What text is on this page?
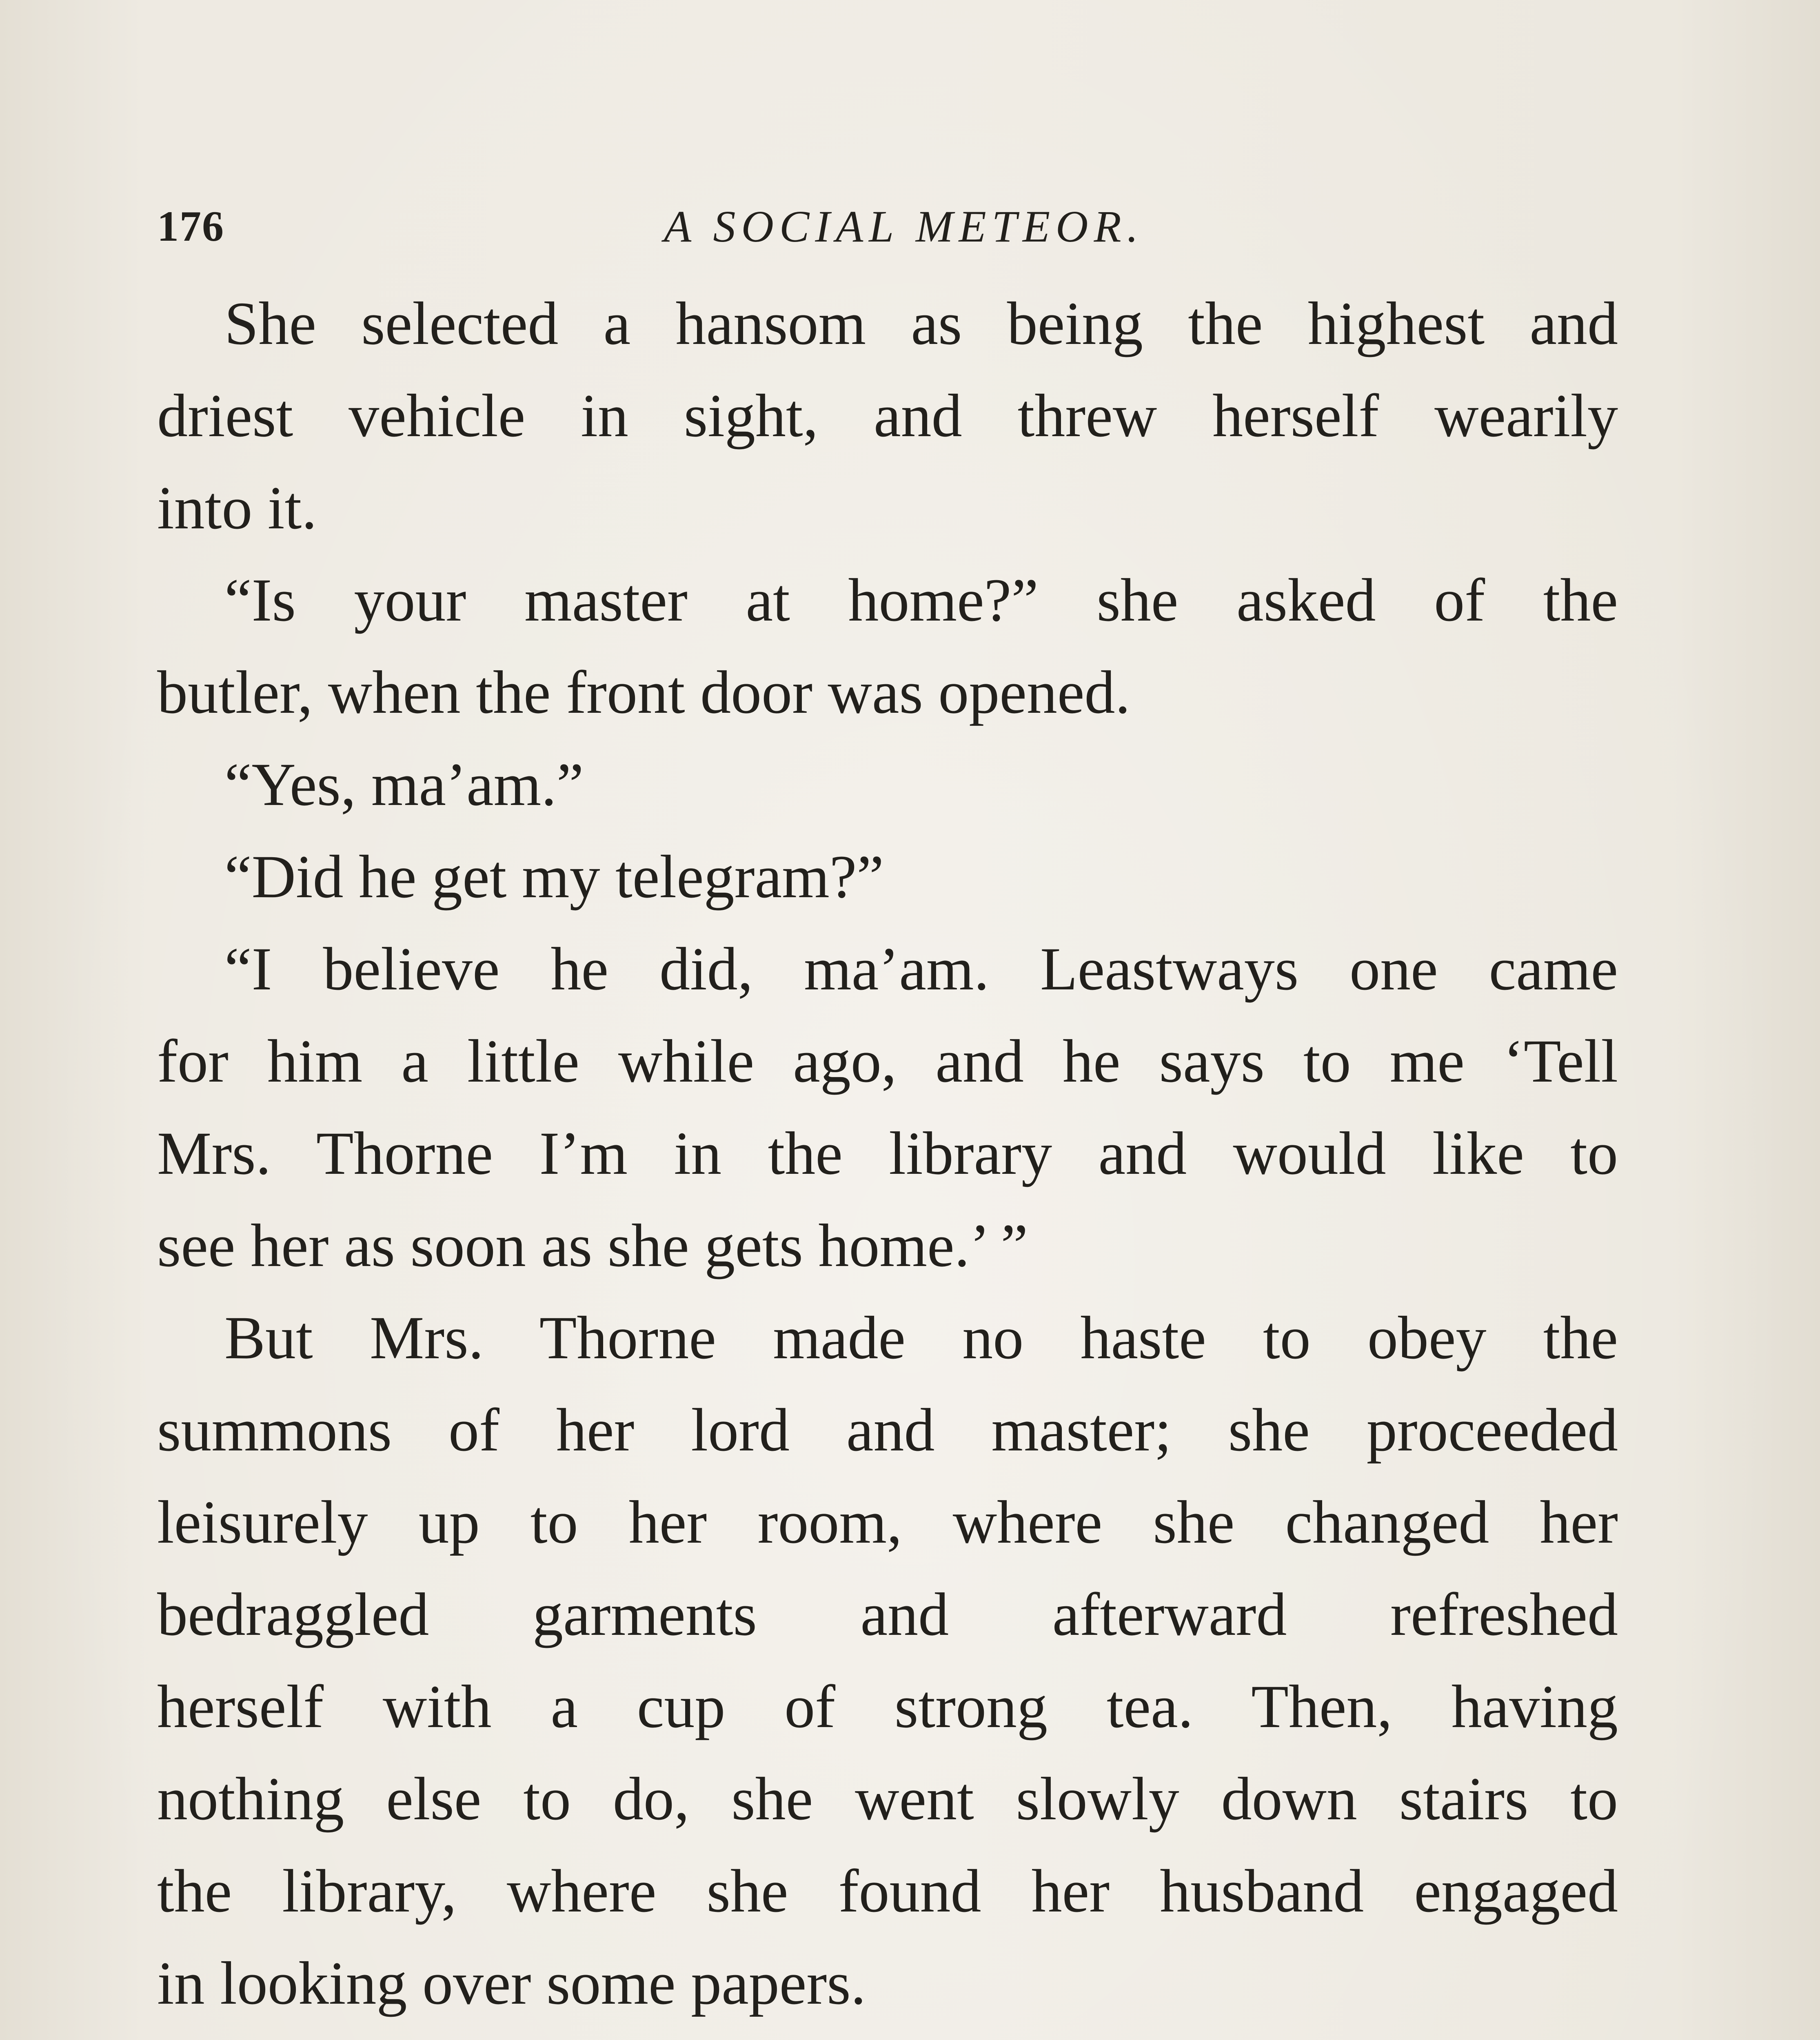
176	A SOCIAL METEOR.
She selected a hansom as being the highest and
driest vehicle in sight, and threw herself wearily
into it.
“Is your master at home?” she asked of the
butler, when the front door was opened.
“Yes, ma’am.”
“Did he get my telegram?”
“I believe he did, ma’am. Leastways one came
for him a little while ago, and he says to me ‘Tell
Mrs. Thorne I’m in the library and would like to
see her as soon as she gets home.’ ”
But Mrs. Thorne made no haste to obey the
summons of her lord and master; she proceeded
leisurely up to her room, where she changed her
bedraggled garments and afterward refreshed
herself with a cup of strong tea. Then, having
nothing else to do, she went slowly down stairs to
the library, where she found her husband engaged
in looking over some papers.
